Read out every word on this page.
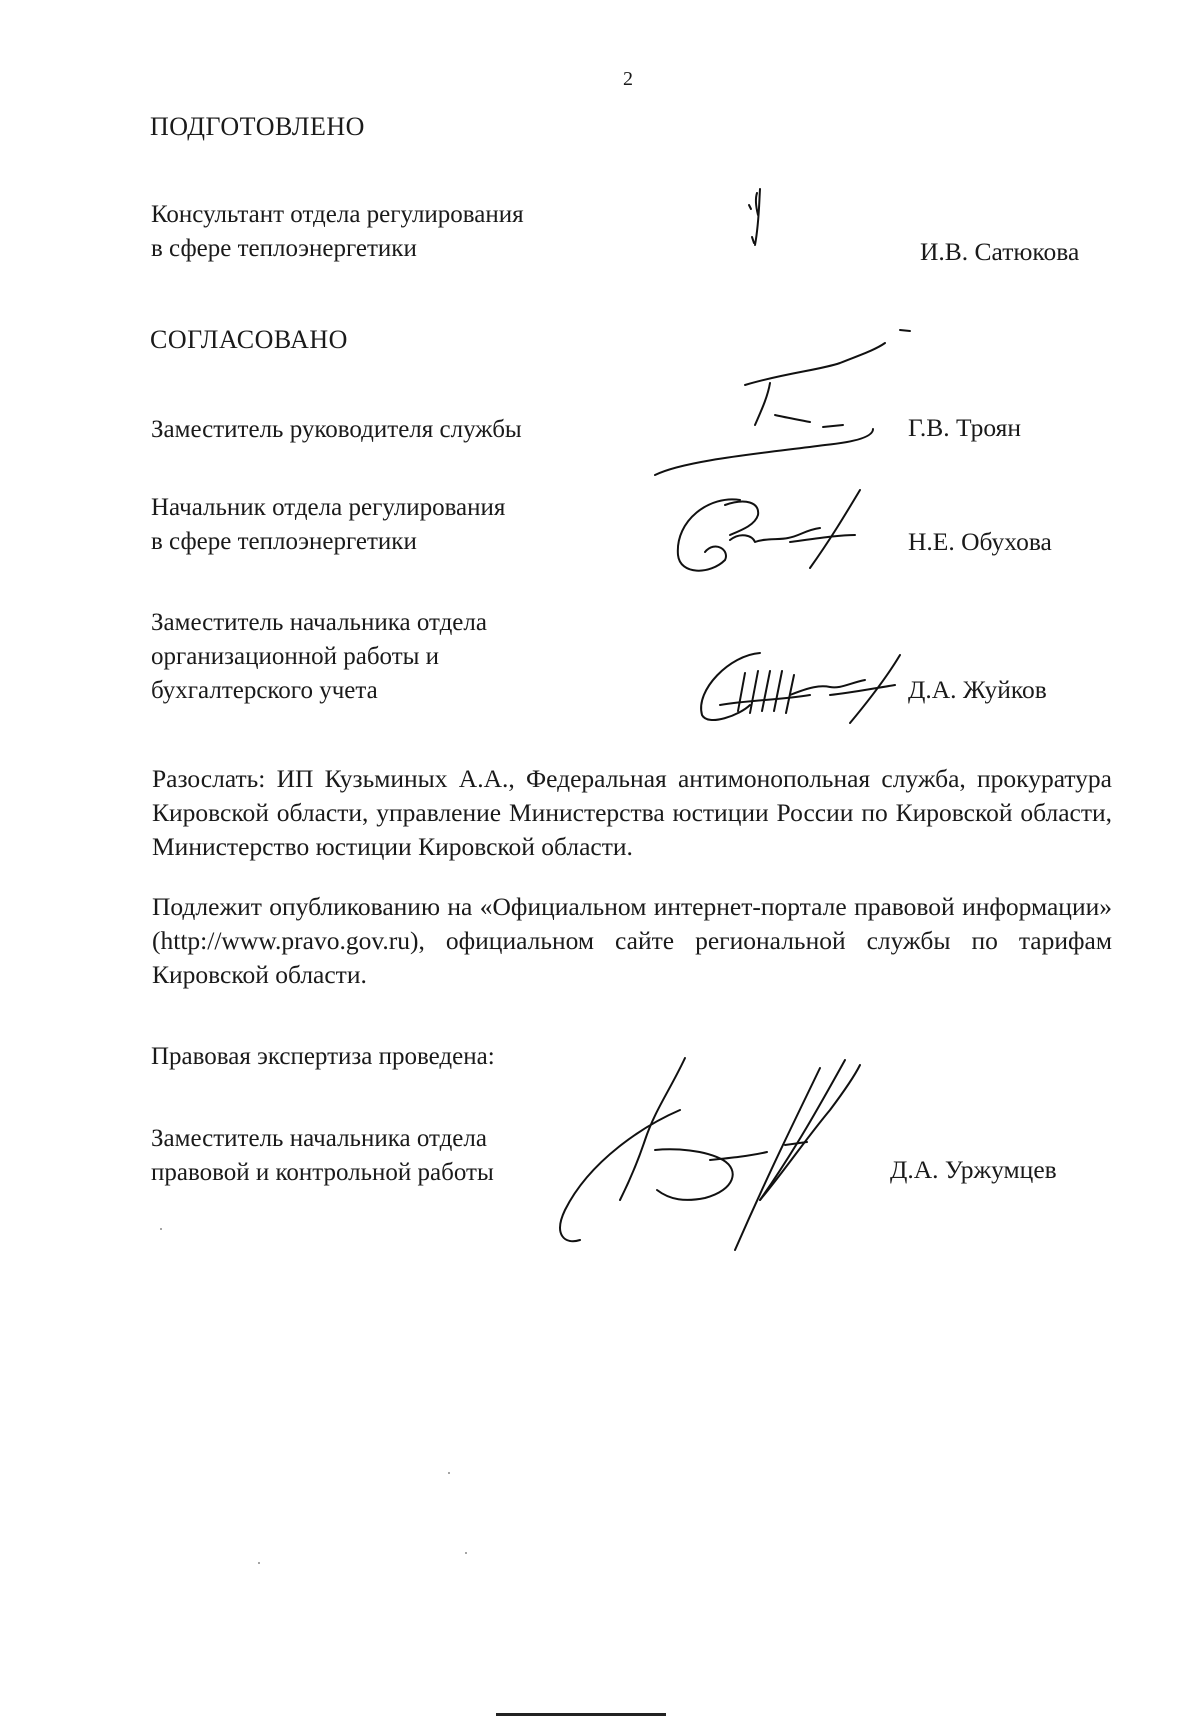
2
ПОДГОТОВЛЕНО
Консультант отдела регулирования
в сфере теплоэнергетики	И.В. Сатюкова
СОГЛАСОВАНО
Заместитель руководителя службы	Г.В. Троян
Начальник отдела регулирования
в сфере теплоэнергетики	Н.Е. Обухова
Заместитель начальника отдела
организационной работы и
бухгалтерского учета	Д.А. Жуйков
Разослать: ИП Кузьминых А.А., Федеральная антимонопольная служба, прокуратура Кировской области, управление Министерства юстиции России по Кировской области, Министерство юстиции Кировской области.
Подлежит опубликованию на «Официальном интернет-портале правовой информации» (http://www.pravo.gov.ru), официальном сайте региональной службы по тарифам Кировской области.
Правовая экспертиза проведена:
Заместитель начальника отдела
правовой и контрольной работы	Д.А. Уржумцев
